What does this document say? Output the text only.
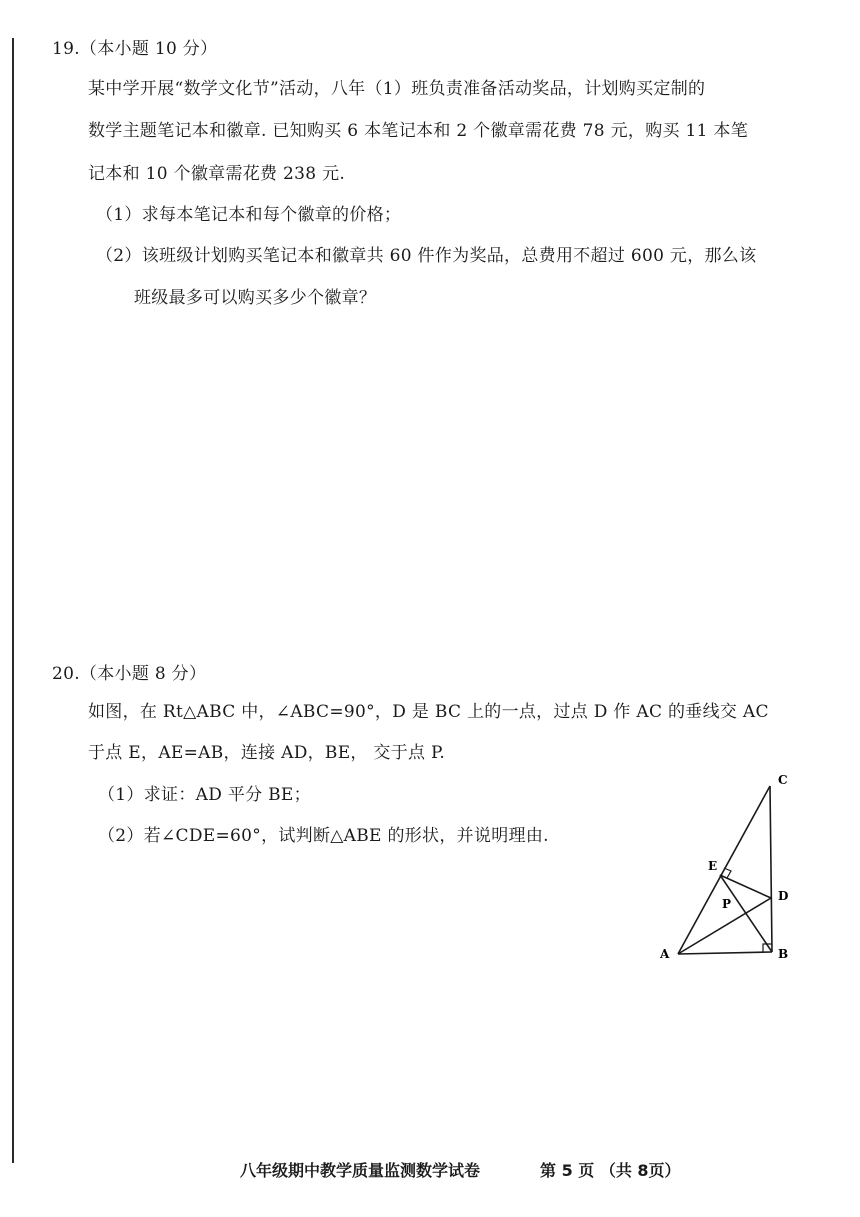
19.（本小题 10 分）
某中学开展“数学文化节”活动，八年（1）班负责准备活动奖品，计划购买定制的
数学主题笔记本和徽章. 已知购买 6 本笔记本和 2 个徽章需花费 78 元，购买 11 本笔
记本和 10 个徽章需花费 238 元.
（1）求每本笔记本和每个徽章的价格；
（2）该班级计划购买笔记本和徽章共 60 件作为奖品，总费用不超过 600 元，那么该
班级最多可以购买多少个徽章？
20.（本小题 8 分）
如图，在 Rt△ABC 中，∠ABC=90°，D 是 BC 上的一点，过点 D 作 AC 的垂线交 AC
于点 E，AE=AB，连接 AD，BE， 交于点 P.
（1）求证：AD 平分 BE；
（2）若∠CDE=60°，试判断△ABE 的形状，并说明理由.
C
E
D
P
A	B
八年级期中教学质量监测数学试卷	第 5 页 （共 8页）
